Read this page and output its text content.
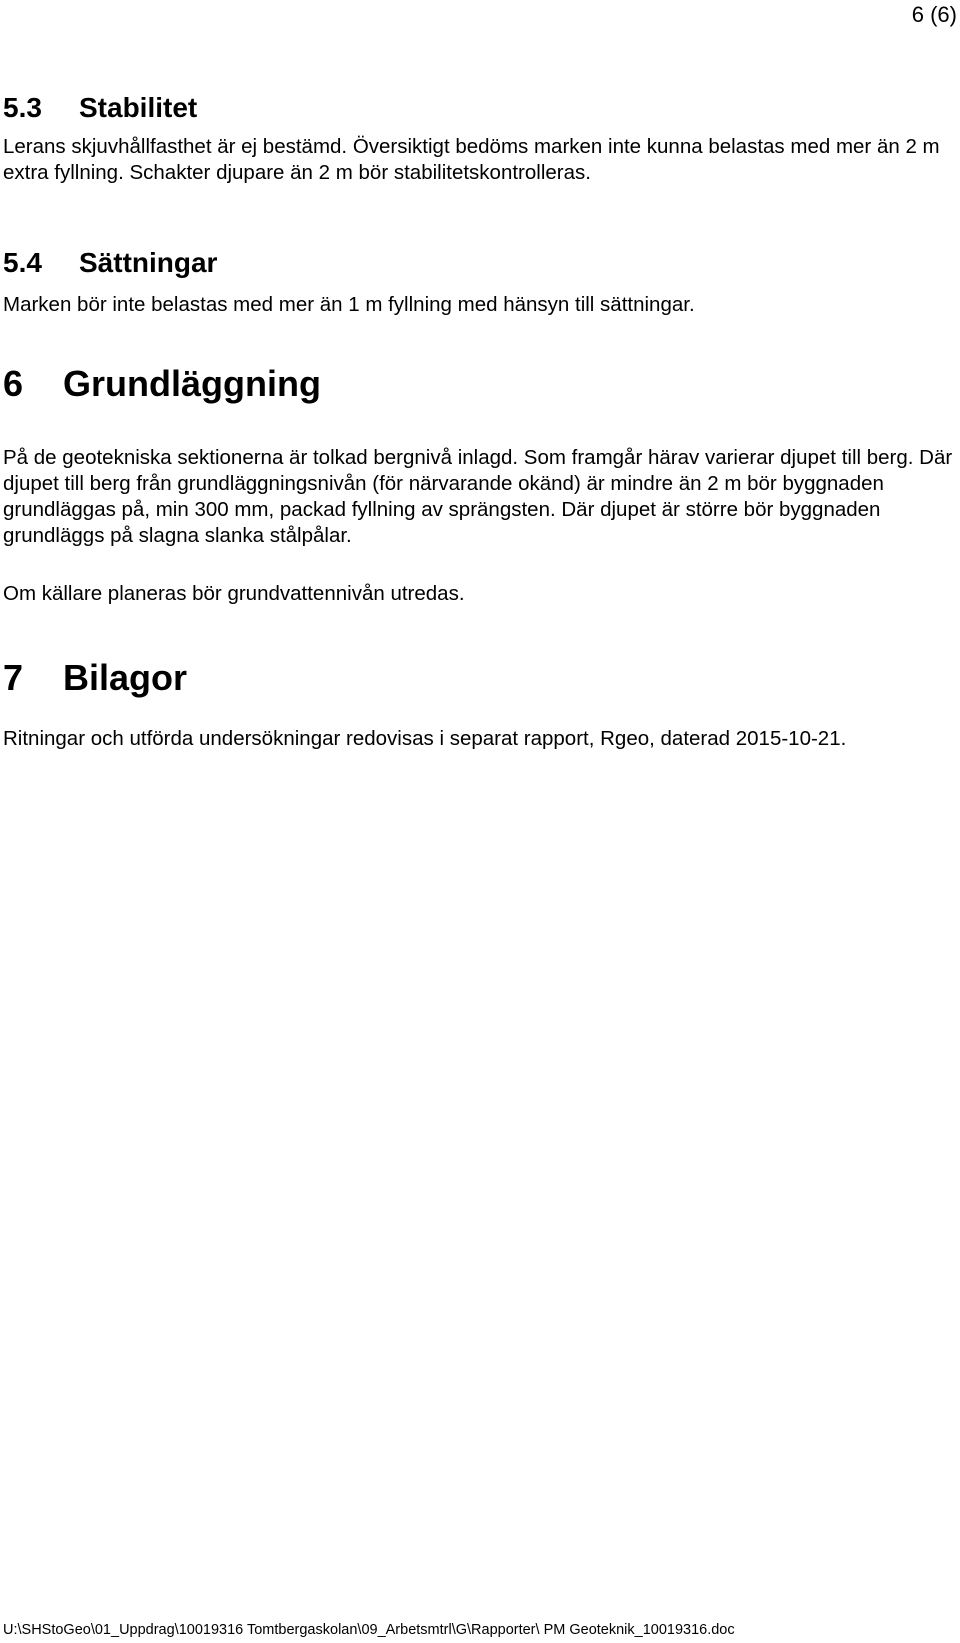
6 (6)
5.3 Stabilitet
Lerans skjuvhållfasthet är ej bestämd. Översiktigt bedöms marken inte kunna belastas med mer än 2 m extra fyllning. Schakter djupare än 2 m bör stabilitetskontrolleras.
5.4 Sättningar
Marken bör inte belastas med mer än 1 m fyllning med hänsyn till sättningar.
6 Grundläggning
På de geotekniska sektionerna är tolkad bergnivå inlagd. Som framgår härav varierar djupet till berg. Där djupet till berg från grundläggningsnivån (för närvarande okänd) är mindre än 2 m bör byggnaden grundläggas på, min 300 mm, packad fyllning av sprängsten. Där djupet är större bör byggnaden grundläggs på slagna slanka stålpålar.
Om källare planeras bör grundvattennivån utredas.
7 Bilagor
Ritningar och utförda undersökningar redovisas i separat rapport, Rgeo, daterad 2015-10-21.
U:\SHStoGeo\01_Uppdrag\10019316 Tomtbergaskolan\09_Arbetsmtrl\G\Rapporter\ PM Geoteknik_10019316.doc
